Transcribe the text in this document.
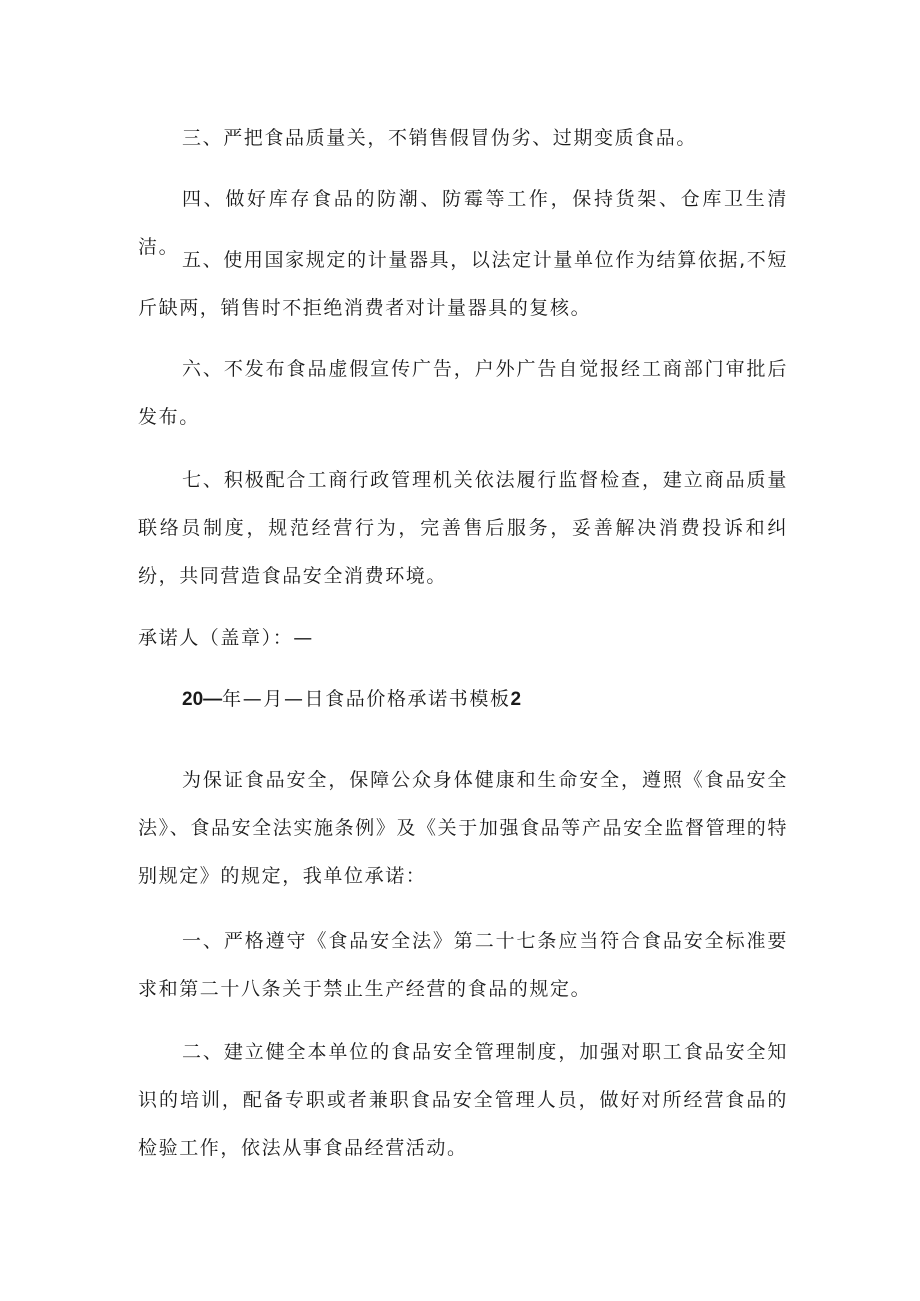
三、严把食品质量关，不销售假冒伪劣、过期变质食品。

四、做好库存食品的防潮、防霉等工作，保持货架、仓库卫生清洁。

五、使用国家规定的计量器具，以法定计量单位作为结算依据,不短斤缺两，销售时不拒绝消费者对计量器具的复核。

六、不发布食品虚假宣传广告，户外广告自觉报经工商部门审批后发布。

七、积极配合工商行政管理机关依法履行监督检查，建立商品质量联络员制度，规范经营行为，完善售后服务，妥善解决消费投诉和纠纷，共同营造食品安全消费环境。

承诺人（盖章）：—

20—年—月—日食品价格承诺书模板2

为保证食品安全，保障公众身体健康和生命安全，遵照《食品安全法》、食品安全法实施条例》及《关于加强食品等产品安全监督管理的特别规定》的规定，我单位承诺：

一、严格遵守《食品安全法》第二十七条应当符合食品安全标准要求和第二十八条关于禁止生产经营的食品的规定。

二、建立健全本单位的食品安全管理制度，加强对职工食品安全知识的培训，配备专职或者兼职食品安全管理人员，做好对所经营食品的检验工作，依法从事食品经营活动。
